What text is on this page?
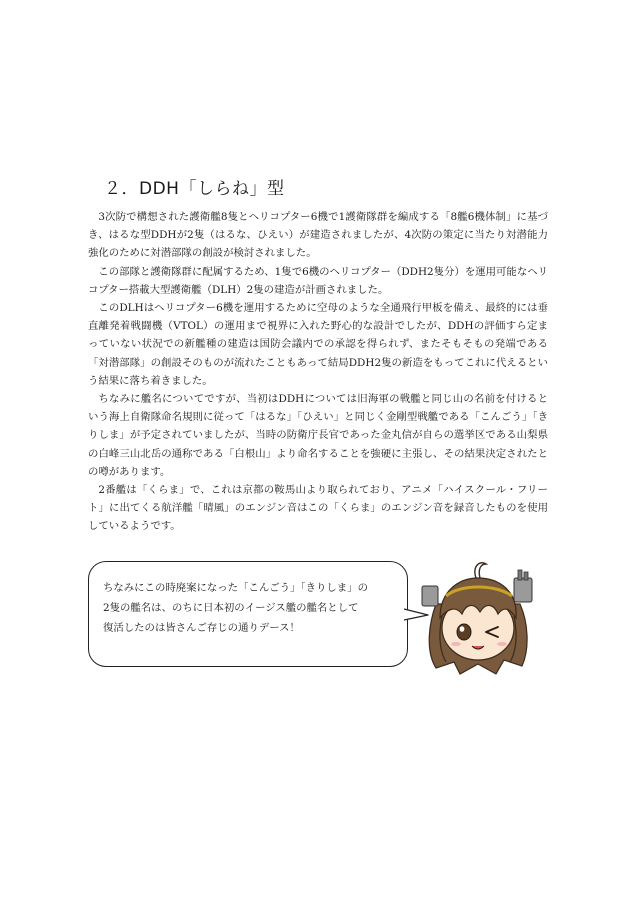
２．DDH「しらね」型

3次防で構想された護衛艦8隻とヘリコプター6機で1護衛隊群を編成する「8艦6機体制」に基づき、はるな型DDHが2隻（はるな、ひえい）が建造されましたが、4次防の策定に当たり対潜能力強化のために対潜部隊の創設が検討されました。

この部隊と護衛隊群に配属するため、1隻で6機のヘリコプター（DDH2隻分）を運用可能なヘリコプター搭載大型護衛艦（DLH）2隻の建造が計画されました。

このDLHはヘリコプター6機を運用するために空母のような全通飛行甲板を備え、最終的には垂直離発着戦闘機（VTOL）の運用まで視界に入れた野心的な設計でしたが、DDHの評価すら定まっていない状況での新艦種の建造は国防会議内での承認を得られず、またそもそもの発端である「対潜部隊」の創設そのものが流れたこともあって結局DDH2隻の新造をもってこれに代えるという結果に落ち着きました。

ちなみに艦名についてですが、当初はDDHについては旧海軍の戦艦と同じ山の名前を付けるという海上自衛隊命名規則に従って「はるな」「ひえい」と同じく金剛型戦艦である「こんごう」「きりしま」が予定されていましたが、当時の防衛庁長官であった金丸信が自らの選挙区である山梨県の白峰三山北岳の通称である「白根山」より命名することを強硬に主張し、その結果決定されたとの噂があります。

2番艦は「くらま」で、これは京都の鞍馬山より取られており、アニメ「ハイスクール・フリート」に出てくる航洋艦「晴風」のエンジン音はこの「くらま」のエンジン音を録音したものを使用しているようです。

ちなみにこの時廃案になった「こんごう」「きりしま」の
2隻の艦名は、のちに日本初のイージス艦の艦名として
復活したのは皆さんご存じの通りデース！
